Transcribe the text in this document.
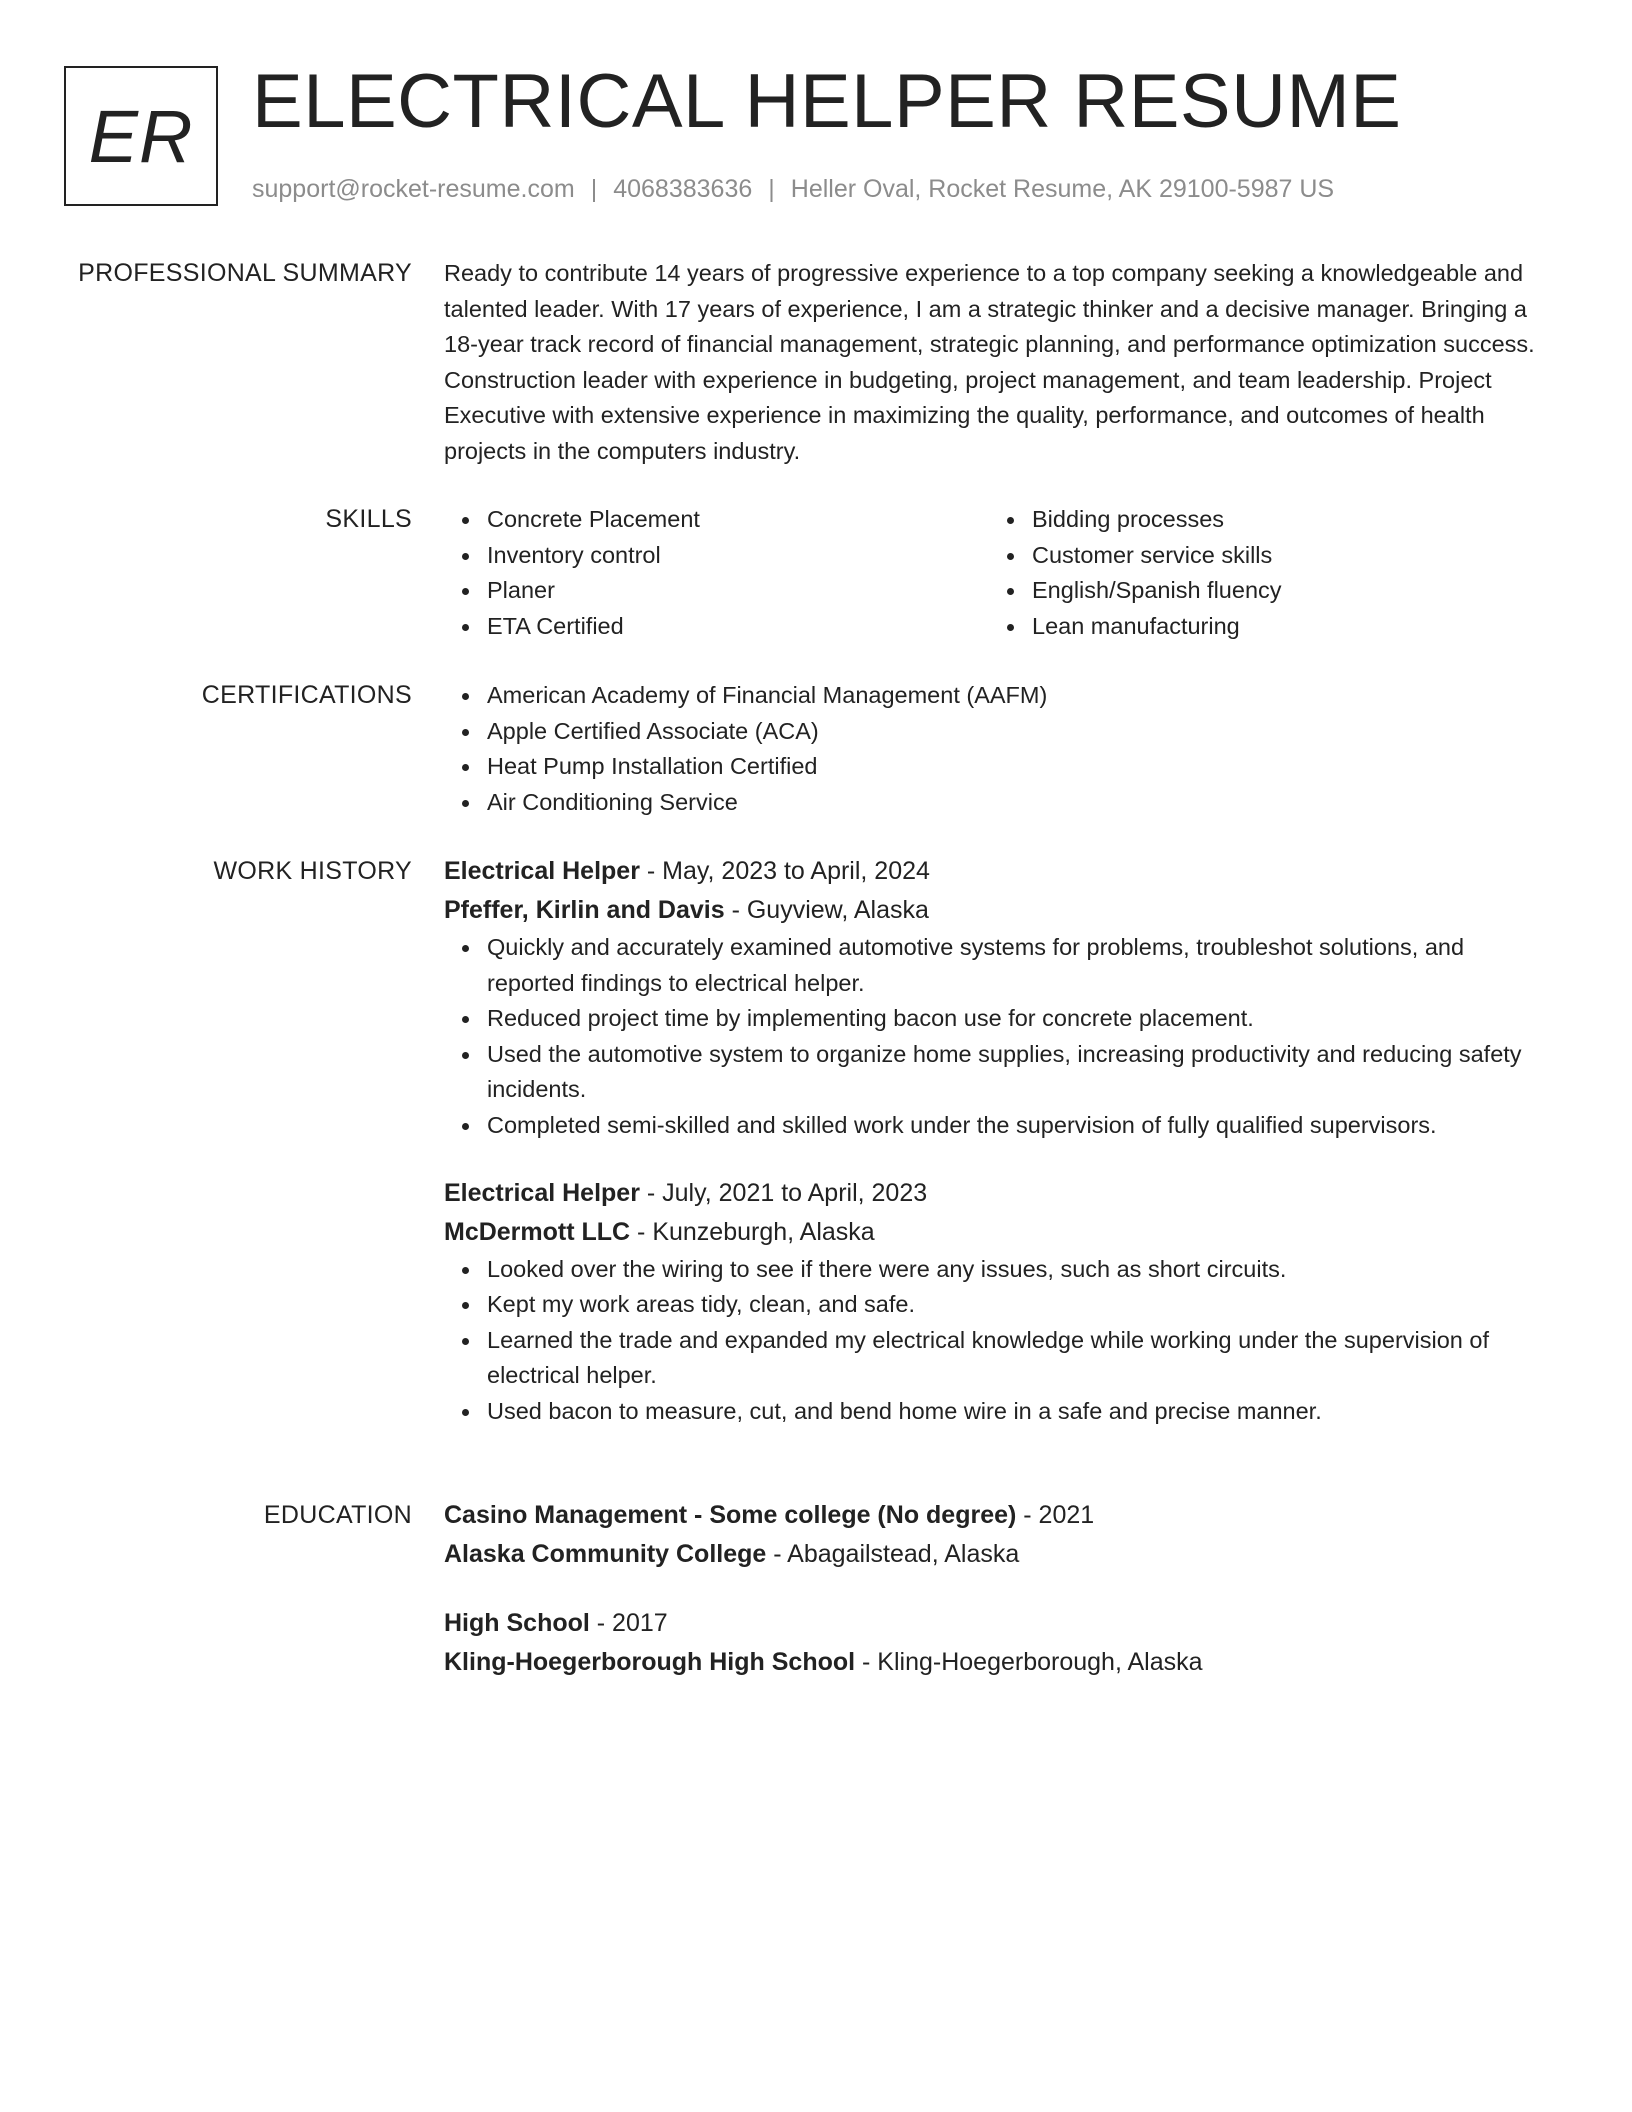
ER ELECTRICAL HELPER RESUME
support@rocket-resume.com | 4068383636 | Heller Oval, Rocket Resume, AK 29100-5987 US
PROFESSIONAL SUMMARY Ready to contribute 14 years of progressive experience to a top company seeking a knowledgeable and talented leader. With 17 years of experience, I am a strategic thinker and a decisive manager. Bringing a 18-year track record of financial management, strategic planning, and performance optimization success. Construction leader with experience in budgeting, project management, and team leadership. Project Executive with extensive experience in maximizing the quality, performance, and outcomes of health projects in the computers industry.

SKILLS	Concrete Placement
Inventory control
Planer
ETA Certified
Bidding processes
Customer service skills
English/Spanish fluency
Lean manufacturing
CERTIFICATIONS	American Academy of Financial Management (AAFM)
Apple Certified Associate (ACA)
Heat Pump Installation Certified
Air Conditioning Service
WORK HISTORY Electrical Helper - May, 2023 to April, 2024
Pfeffer, Kirlin and Davis - Guyview, Alaska
Quickly and accurately examined automotive systems for problems, troubleshot solutions, and reported findings to electrical helper.
Reduced project time by implementing bacon use for concrete placement.
Used the automotive system to organize home supplies, increasing productivity and reducing safety incidents.
Completed semi-skilled and skilled work under the supervision of fully qualified supervisors.
Electrical Helper - July, 2021 to April, 2023
McDermott LLC - Kunzeburgh, Alaska
Looked over the wiring to see if there were any issues, such as short circuits.
Kept my work areas tidy, clean, and safe.
Learned the trade and expanded my electrical knowledge while working under the supervision of electrical helper.
Used bacon to measure, cut, and bend home wire in a safe and precise manner.
EDUCATION Casino Management - Some college (No degree) - 2021
Alaska Community College - Abagailstead, Alaska
High School - 2017
Kling-Hoegerborough High School - Kling-Hoegerborough, Alaska
